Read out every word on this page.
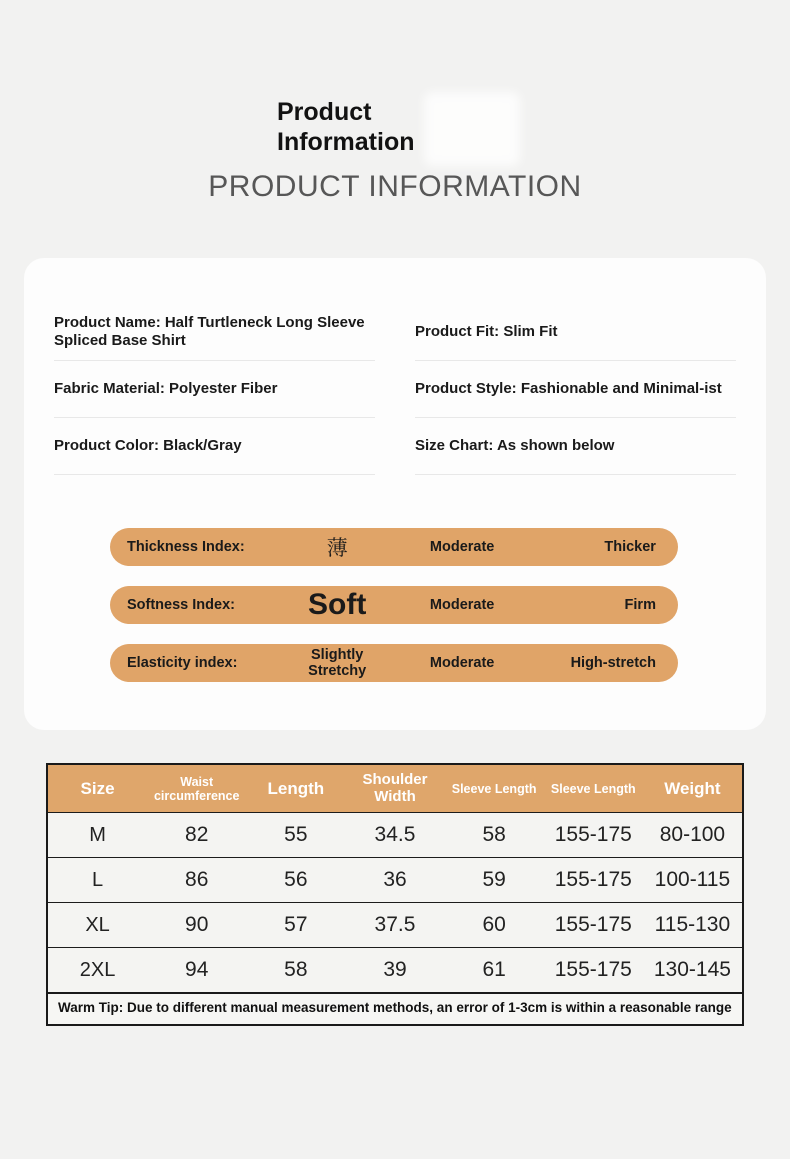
Product
Information
PRODUCT INFORMATION
Product Name: Half Turtleneck Long Sleeve Spliced Base Shirt
Fabric Material: Polyester Fiber
Product Color: Black/Gray
Product Fit: Slim Fit
Product Style: Fashionable and Minimal-ist
Size Chart: As shown below
Thickness Index:	薄	Moderate	Thicker
Softness Index:	Soft	Moderate	Firm
Elasticity index:	Slightly Stretchy	Moderate	High-stretch
Size	Waist circumference	Length	Shoulder Width	Sleeve Length	Sleeve Length	Weight
M	82	55	34.5	58	155-175	80-100
L	86	56	36	59	155-175	100-115
XL	90	57	37.5	60	155-175	115-130
2XL	94	58	39	61	155-175	130-145
Warm Tip: Due to different manual measurement methods, an error of 1-3cm is within a reasonable range
